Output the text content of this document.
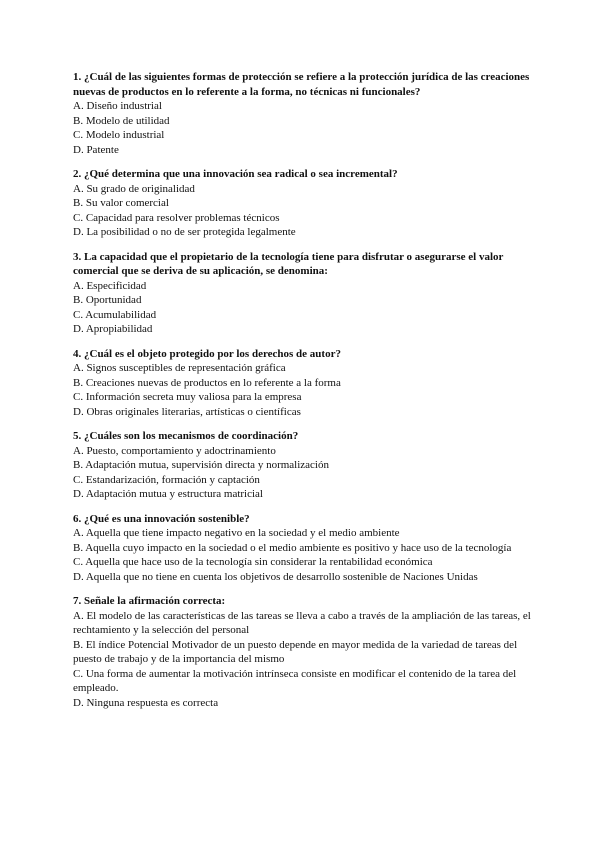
1. ¿Cuál de las siguientes formas de protección se refiere a la protección jurídica de las creaciones nuevas de productos en lo referente a la forma, no técnicas ni funcionales?

A. Diseño industrial
B. Modelo de utilidad
C. Modelo industrial
D. Patente

2. ¿Qué determina que una innovación sea radical o sea incremental?

A. Su grado de originalidad
B. Su valor comercial
C. Capacidad para resolver problemas técnicos
D. La posibilidad o no de ser protegida legalmente

3. La capacidad que el propietario de la tecnología tiene para disfrutar o asegurarse el valor comercial que se deriva de su aplicación, se denomina:

A. Especificidad
B. Oportunidad
C. Acumulabilidad
D. Apropiabilidad

4. ¿Cuál es el objeto protegido por los derechos de autor?

A. Signos susceptibles de representación gráfica
B. Creaciones nuevas de productos en lo referente a la forma
C. Información secreta muy valiosa para la empresa
D. Obras originales literarias, artísticas o científicas

5. ¿Cuáles son los mecanismos de coordinación?

A. Puesto, comportamiento y adoctrinamiento
B. Adaptación mutua, supervisión directa y normalización
C. Estandarización, formación y captación
D. Adaptación mutua y estructura matricial

6. ¿Qué es una innovación sostenible?

A. Aquella que tiene impacto negativo en la sociedad y el medio ambiente
B. Aquella cuyo impacto en la sociedad o el medio ambiente es positivo y hace uso de la tecnología
C. Aquella que hace uso de la tecnología sin considerar la rentabilidad económica
D. Aquella que no tiene en cuenta los objetivos de desarrollo sostenible de Naciones Unidas

7. Señale la afirmación correcta:

A. El modelo de las características de las tareas se lleva a cabo a través de la ampliación de las tareas, el rechtamiento y la selección del personal
B. El índice Potencial Motivador de un puesto depende en mayor medida de la variedad de tareas del puesto de trabajo y de la importancia del mismo
C. Una forma de aumentar la motivación intrínseca consiste en modificar el contenido de la tarea del empleado.
D. Ninguna respuesta es correcta
